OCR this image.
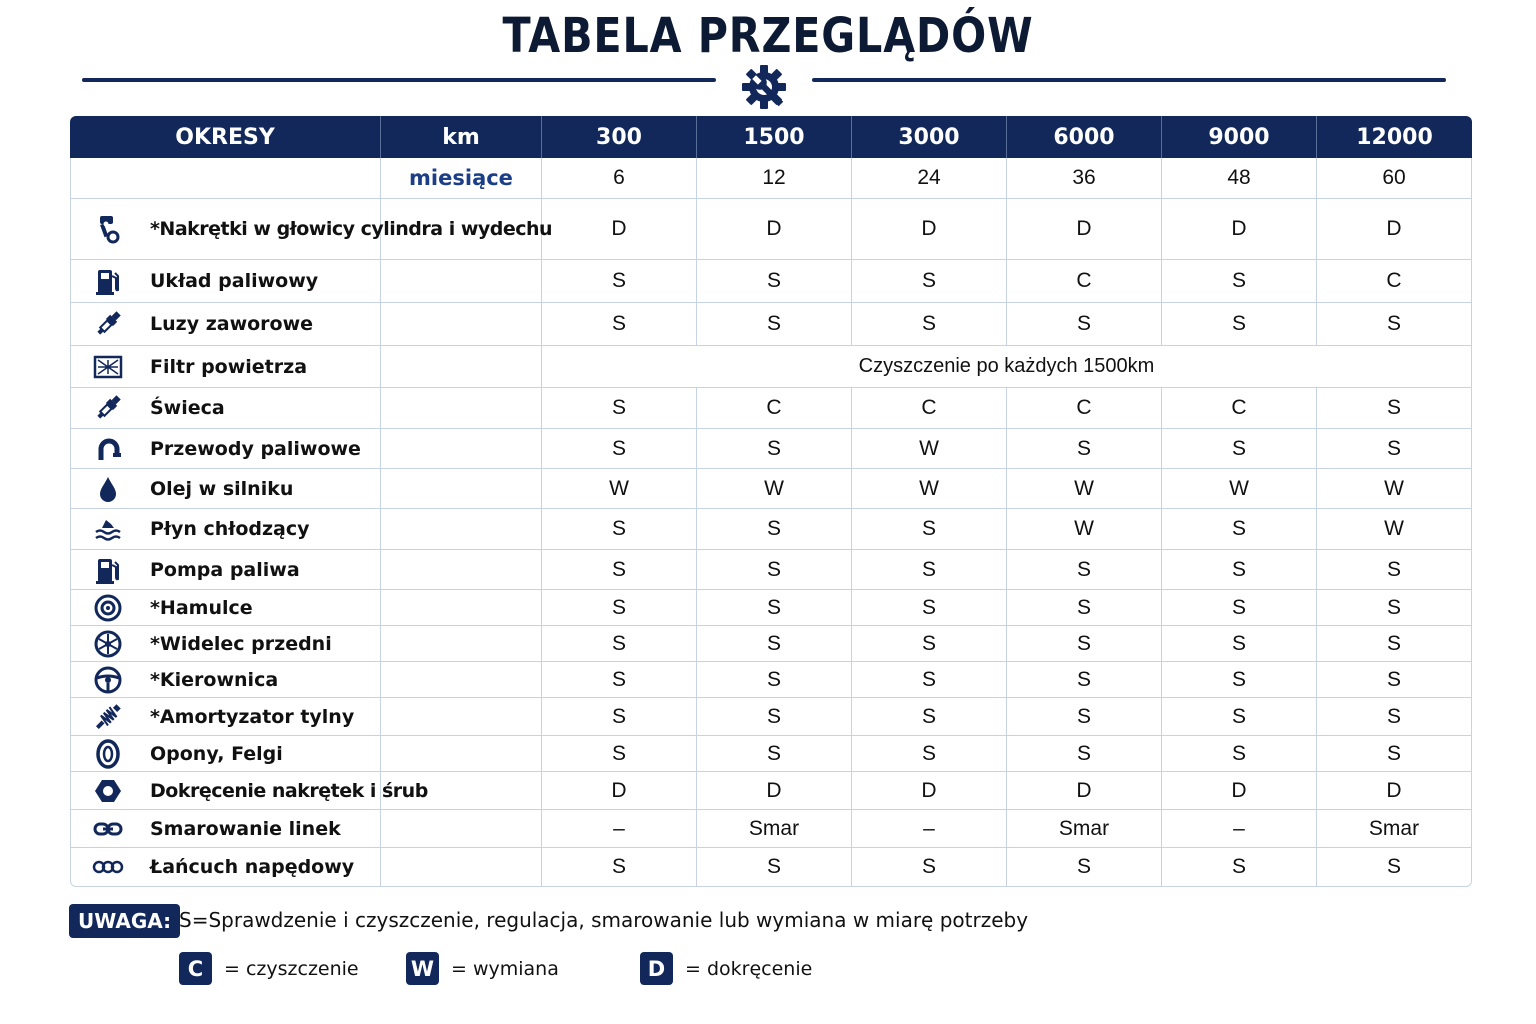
TABELA PRZEGLĄDÓW
OKRESY	km	300	1500	3000	6000	9000	12000
	miesiące	6	12	24	36	48	60

*Nakrętki w głowicy cylindra i wydechu		D	D	D	D	D	D

Układ paliwowy		S	S	S	C	S	C

Luzy zaworowe		S	S	S	S	S	S

Filtr powietrza		Czyszczenie po każdych 1500km					

Świeca		S	C	C	C	C	S

Przewody paliwowe		S	S	W	S	S	S

Olej w silniku		W	W	W	W	W	W

Płyn chłodzący		S	S	S	W	S	W

Pompa paliwa		S	S	S	S	S	S

*Hamulce		S	S	S	S	S	S

*Widelec przedni		S	S	S	S	S	S

*Kierownica		S	S	S	S	S	S

*Amortyzator tylny		S	S	S	S	S	S

Opony, Felgi		S	S	S	S	S	S

Dokręcenie nakrętek i śrub		D	D	D	D	D	D

Smarowanie linek		–	Smar	–	Smar	–	Smar

Łańcuch napędowy		S	S	S	S	S	S
UWAGA: S=Sprawdzenie i czyszczenie, regulacja, smarowanie lub wymiana w miarę potrzeby
C	= czyszczenie W = wymiana	D	= dokręcenie
